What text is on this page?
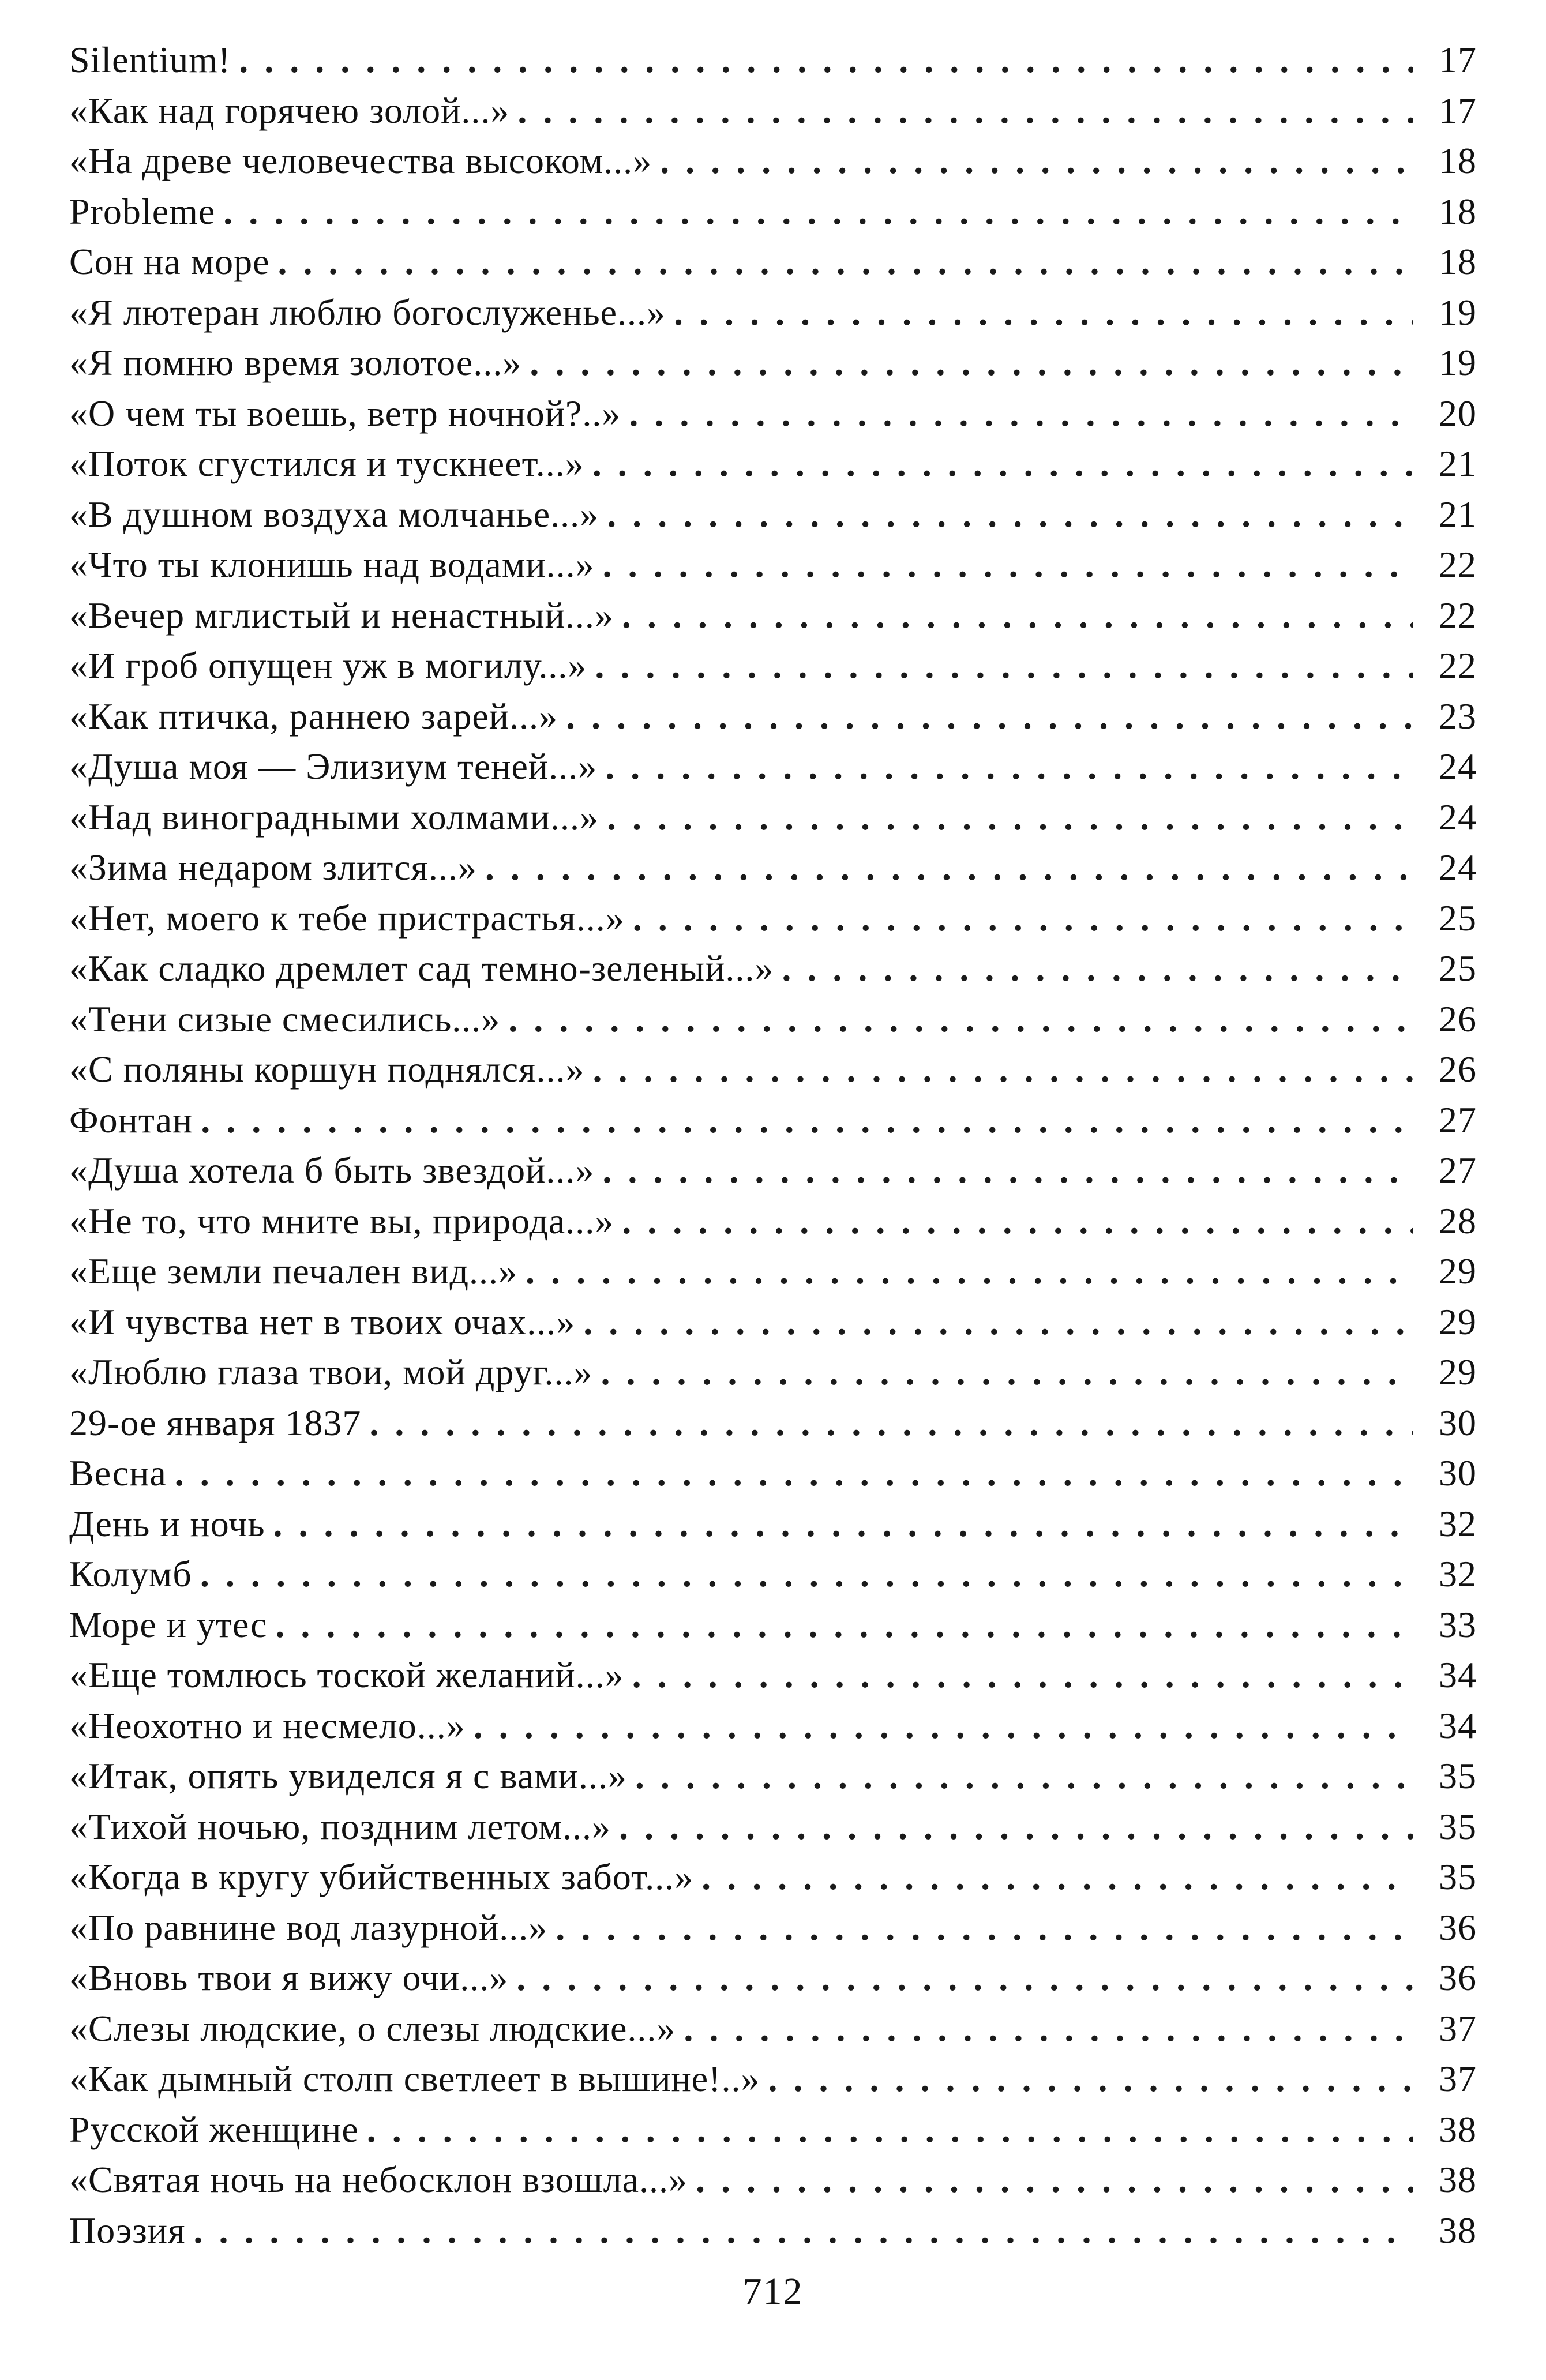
Silentium! . . .	17
«Как над горячею золой...» . . .	17
«На древе человечества высоком...» . . .	18
Probleme . . .	18
Сон на море . . .	18
«Я лютеран люблю богослуженье...» . . .	19
«Я помню время золотое...» . . .	19
«О чем ты воешь, ветр ночной?..» . . .	20
«Поток сгустился и тускнеет...» . . .	21
«В душном воздуха молчанье...» . . .	21
«Что ты клонишь над водами...» . . .	22
«Вечер мглистый и ненастный...» . . .	22
«И гроб опущен уж в могилу...» . . .	22
«Как птичка, раннею зарей...» . . .	23
«Душа моя — Элизиум теней...» . . .	24
«Над виноградными холмами...» . . .	24
«Зима недаром злится...» . . .	24
«Нет, моего к тебе пристрастья...» . . .	25
«Как сладко дремлет сад темно-зеленый...» . . .	25
«Тени сизые смесились...» . . .	26
«С поляны коршун поднялся...» . . .	26
Фонтан . . .	27
«Душа хотела б быть звездой...» . . .	27
«Не то, что мните вы, природа...» . . .	28
«Еще земли печален вид...» . . .	29
«И чувства нет в твоих очах...» . . .	29
«Люблю глаза твои, мой друг...» . . .	29
29-ое января 1837 . . .	30
Весна . . .	30
День и ночь . . .	32
Колумб . . .	32
Море и утес . . .	33
«Еще томлюсь тоской желаний...» . . .	34
«Неохотно и несмело...» . . .	34
«Итак, опять увиделся я с вами...» . . .	35
«Тихой ночью, поздним летом...» . . .	35
«Когда в кругу убийственных забот...» . . .	35
«По равнине вод лазурной...» . . .	36
«Вновь твои я вижу очи...» . . .	36
«Слезы людские, о слезы людские...» . . .	37
«Как дымный столп светлеет в вышине!..» . . .	37
Русской женщине . . .	38
«Святая ночь на небосклон взошла...» . . .	38
Поэзия . . .	38
712
